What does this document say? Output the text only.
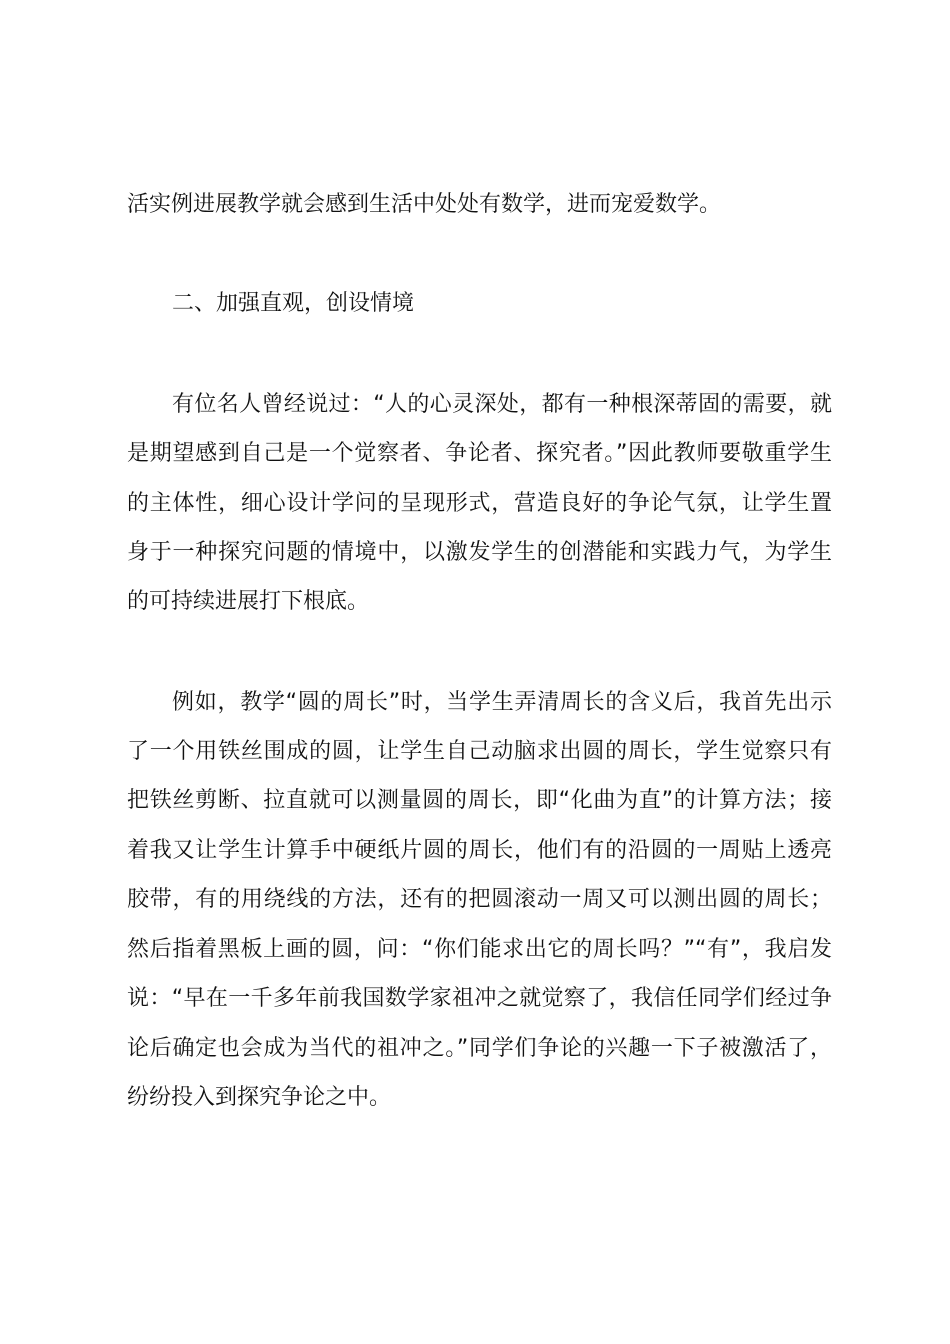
活实例进展教学就会感到生活中处处有数学，进而宠爱数学。
二、加强直观，创设情境
有位名人曾经说过：“人的心灵深处，都有一种根深蒂固的需要，就
是期望感到自己是一个觉察者、争论者、探究者。”因此教师要敬重学生
的主体性，细心设计学问的呈现形式，营造良好的争论气氛，让学生置
身于一种探究问题的情境中，以激发学生的创潜能和实践力气，为学生
的可持续进展打下根底。
例如，教学“圆的周长”时，当学生弄清周长的含义后，我首先出示
了一个用铁丝围成的圆，让学生自己动脑求出圆的周长，学生觉察只有
把铁丝剪断、拉直就可以测量圆的周长，即“化曲为直”的计算方法；接
着我又让学生计算手中硬纸片圆的周长，他们有的沿圆的一周贴上透亮
胶带，有的用绕线的方法，还有的把圆滚动一周又可以测出圆的周长；
然后指着黑板上画的圆，问：“你们能求出它的周长吗？”“有”，我启发
说：“早在一千多年前我国数学家祖冲之就觉察了，我信任同学们经过争
论后确定也会成为当代的祖冲之。”同学们争论的兴趣一下子被激活了，
纷纷投入到探究争论之中。
